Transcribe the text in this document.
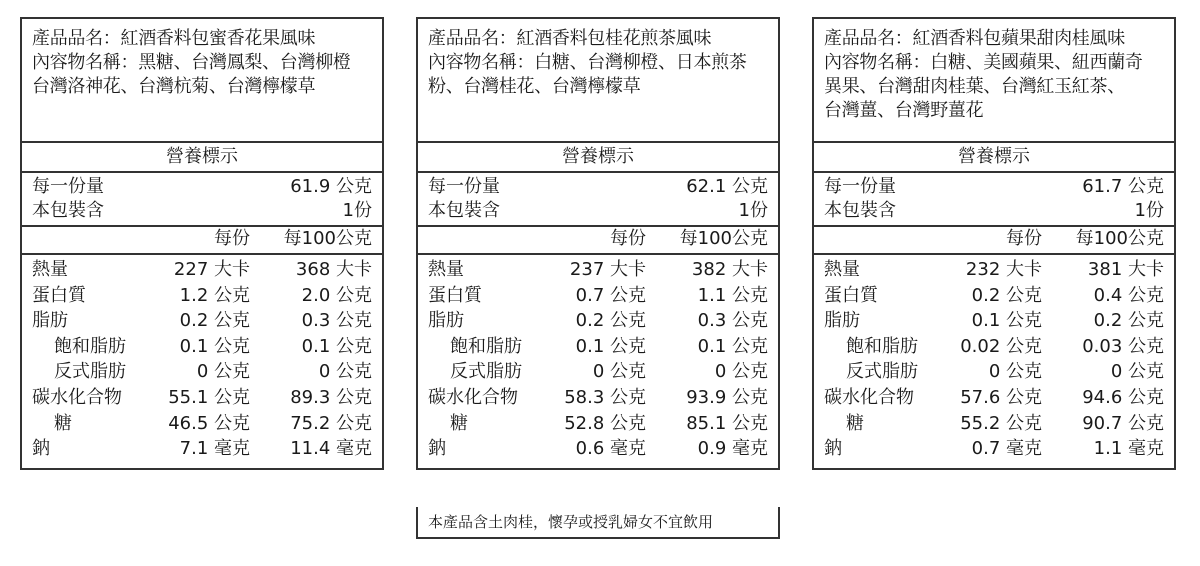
產品品名：紅酒香料包蜜香花果風味
內容物名稱：黑糖、台灣鳳梨、台灣柳橙
台灣洛神花、台灣杭菊、台灣檸檬草
營養標示
每一份量	61.9 公克
本包裝含	1份
每份	每100公克
熱量	227 大卡	368 大卡
蛋白質	1.2 公克	2.0 公克
脂肪	0.2 公克	0.3 公克
飽和脂肪	0.1 公克	0.1 公克
反式脂肪	0 公克	0 公克
碳水化合物	55.1 公克	89.3 公克
糖	46.5 公克	75.2 公克
鈉	7.1 毫克	11.4 毫克
產品品名：紅酒香料包桂花煎茶風味
內容物名稱：白糖、台灣柳橙、日本煎茶
粉、台灣桂花、台灣檸檬草
營養標示
每一份量	62.1 公克
本包裝含	1份
每份	每100公克
熱量	237 大卡	382 大卡
蛋白質	0.7 公克	1.1 公克
脂肪	0.2 公克	0.3 公克
飽和脂肪	0.1 公克	0.1 公克
反式脂肪	0 公克	0 公克
碳水化合物	58.3 公克	93.9 公克
糖	52.8 公克	85.1 公克
鈉	0.6 毫克	0.9 毫克
本產品含土肉桂，懷孕或授乳婦女不宜飲用
產品品名：紅酒香料包蘋果甜肉桂風味
內容物名稱：白糖、美國蘋果、紐西蘭奇
異果、台灣甜肉桂葉、台灣紅玉紅茶、
台灣薑、台灣野薑花
營養標示
每一份量	61.7 公克
本包裝含	1份
每份	每100公克
熱量	232 大卡	381 大卡
蛋白質	0.2 公克	0.4 公克
脂肪	0.1 公克	0.2 公克
飽和脂肪	0.02 公克	0.03 公克
反式脂肪	0 公克	0 公克
碳水化合物	57.6 公克	94.6 公克
糖	55.2 公克	90.7 公克
鈉	0.7 毫克	1.1 毫克
